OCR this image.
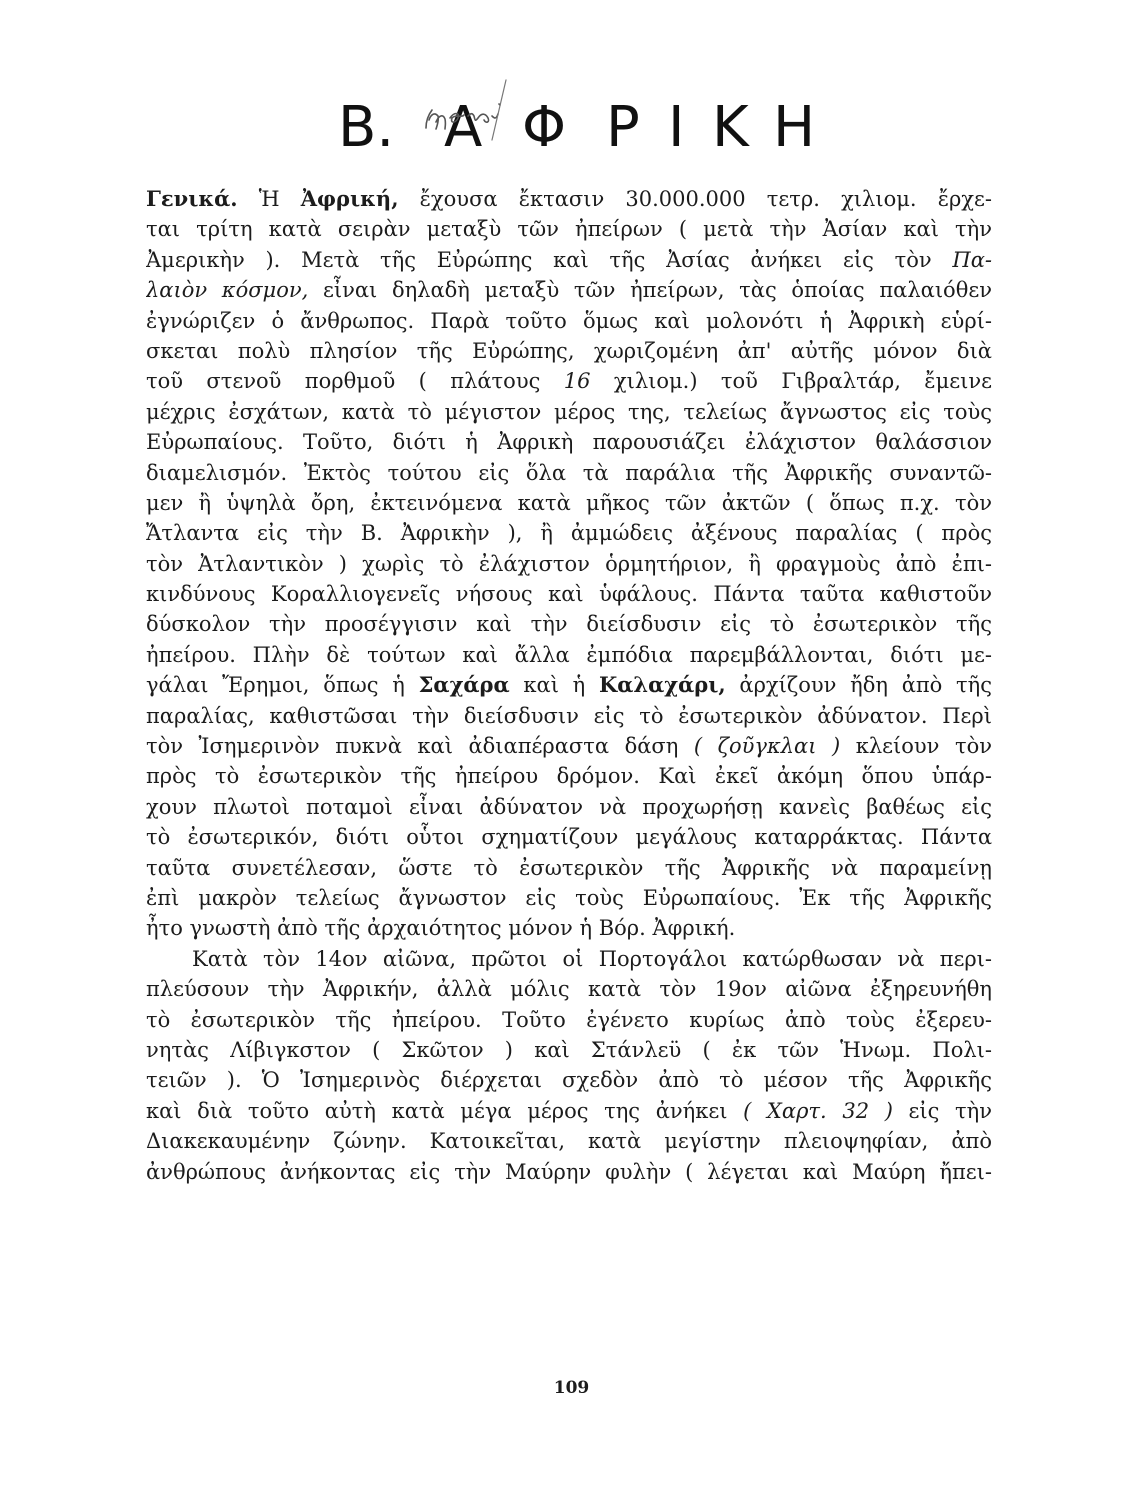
Β. Α Φ Ρ Ι Κ Η
Γενικά. Ἡ Ἀφρική, ἔχουσα ἔκτασιν 30.000.000 τετρ. χιλιομ. ἔρχε-
ται τρίτη κατὰ σειρὰν μεταξὺ τῶν ἠπείρων ( μετὰ τὴν Ἀσίαν καὶ τὴν
Ἀμερικὴν ). Μετὰ τῆς Εὐρώπης καὶ τῆς Ἀσίας ἀνήκει εἰς τὸν Πα-
λαιὸν κόσμον, εἶναι δηλαδὴ μεταξὺ τῶν ἠπείρων, τὰς ὁποίας παλαιόθεν
ἐγνώριζεν ὁ ἄνθρωπος. Παρὰ τοῦτο ὅμως καὶ μολονότι ἡ Ἀφρικὴ εὑρί-
σκεται πολὺ πλησίον τῆς Εὐρώπης, χωριζομένη ἀπ' αὐτῆς μόνον διὰ
τοῦ στενοῦ πορθμοῦ ( πλάτους 16 χιλιομ.) τοῦ Γιβραλτάρ, ἔμεινε
μέχρις ἐσχάτων, κατὰ τὸ μέγιστον μέρος της, τελείως ἄγνωστος εἰς τοὺς
Εὐρωπαίους. Τοῦτο, διότι ἡ Ἀφρικὴ παρουσιάζει ἐλάχιστον θαλάσσιον
διαμελισμόν. Ἐκτὸς τούτου εἰς ὅλα τὰ παράλια τῆς Ἀφρικῆς συναντῶ-
μεν ἢ ὑψηλὰ ὄρη, ἐκτεινόμενα κατὰ μῆκος τῶν ἀκτῶν ( ὅπως π.χ. τὸν
Ἄτλαντα εἰς τὴν Β. Ἀφρικὴν ), ἢ ἀμμώδεις ἀξένους παραλίας ( πρὸς
τὸν Ἀτλαντικὸν ) χωρὶς τὸ ἐλάχιστον ὁρμητήριον, ἢ φραγμοὺς ἀπὸ ἐπι-
κινδύνους Κοραλλιογενεῖς νήσους καὶ ὑφάλους. Πάντα ταῦτα καθιστοῦν
δύσκολον τὴν προσέγγισιν καὶ τὴν διείσδυσιν εἰς τὸ ἐσωτερικὸν τῆς
ἠπείρου. Πλὴν δὲ τούτων καὶ ἄλλα ἐμπόδια παρεμβάλλονται, διότι με-
γάλαι Ἔρημοι, ὅπως ἡ Σαχάρα καὶ ἡ Καλαχάρι, ἀρχίζουν ἤδη ἀπὸ τῆς
παραλίας, καθιστῶσαι τὴν διείσδυσιν εἰς τὸ ἐσωτερικὸν ἀδύνατον. Περὶ
τὸν Ἰσημερινὸν πυκνὰ καὶ ἀδιαπέραστα δάση ( ζοῦγκλαι ) κλείουν τὸν
πρὸς τὸ ἐσωτερικὸν τῆς ἠπείρου δρόμον. Καὶ ἐκεῖ ἀκόμη ὅπου ὑπάρ-
χουν πλωτοὶ ποταμοὶ εἶναι ἀδύνατον νὰ προχωρήσῃ κανεὶς βαθέως εἰς
τὸ ἐσωτερικόν, διότι οὗτοι σχηματίζουν μεγάλους καταρράκτας. Πάντα
ταῦτα συνετέλεσαν, ὥστε τὸ ἐσωτερικὸν τῆς Ἀφρικῆς νὰ παραμείνῃ
ἐπὶ μακρὸν τελείως ἄγνωστον εἰς τοὺς Εὐρωπαίους. Ἐκ τῆς Ἀφρικῆς
ἦτο γνωστὴ ἀπὸ τῆς ἀρχαιότητος μόνον ἡ Βόρ. Ἀφρική.
Κατὰ τὸν 14ον αἰῶνα, πρῶτοι οἱ Πορτογάλοι κατώρθωσαν νὰ περι-
πλεύσουν τὴν Ἀφρικήν, ἀλλὰ μόλις κατὰ τὸν 19ον αἰῶνα ἐξηρευνήθη
τὸ ἐσωτερικὸν τῆς ἠπείρου. Τοῦτο ἐγένετο κυρίως ἀπὸ τοὺς ἐξερευ-
νητὰς Λίβιγκστον ( Σκῶτον ) καὶ Στάνλεϋ ( ἐκ τῶν Ἡνωμ. Πολι-
τειῶν ). Ὁ Ἰσημερινὸς διέρχεται σχεδὸν ἀπὸ τὸ μέσον τῆς Ἀφρικῆς
καὶ διὰ τοῦτο αὐτὴ κατὰ μέγα μέρος της ἀνήκει ( Χαρτ. 32 ) εἰς τὴν
Διακεκαυμένην ζώνην. Κατοικεῖται, κατὰ μεγίστην πλειοψηφίαν, ἀπὸ
ἀνθρώπους ἀνήκοντας εἰς τὴν Μαύρην φυλὴν ( λέγεται καὶ Μαύρη ἤπει-
109
